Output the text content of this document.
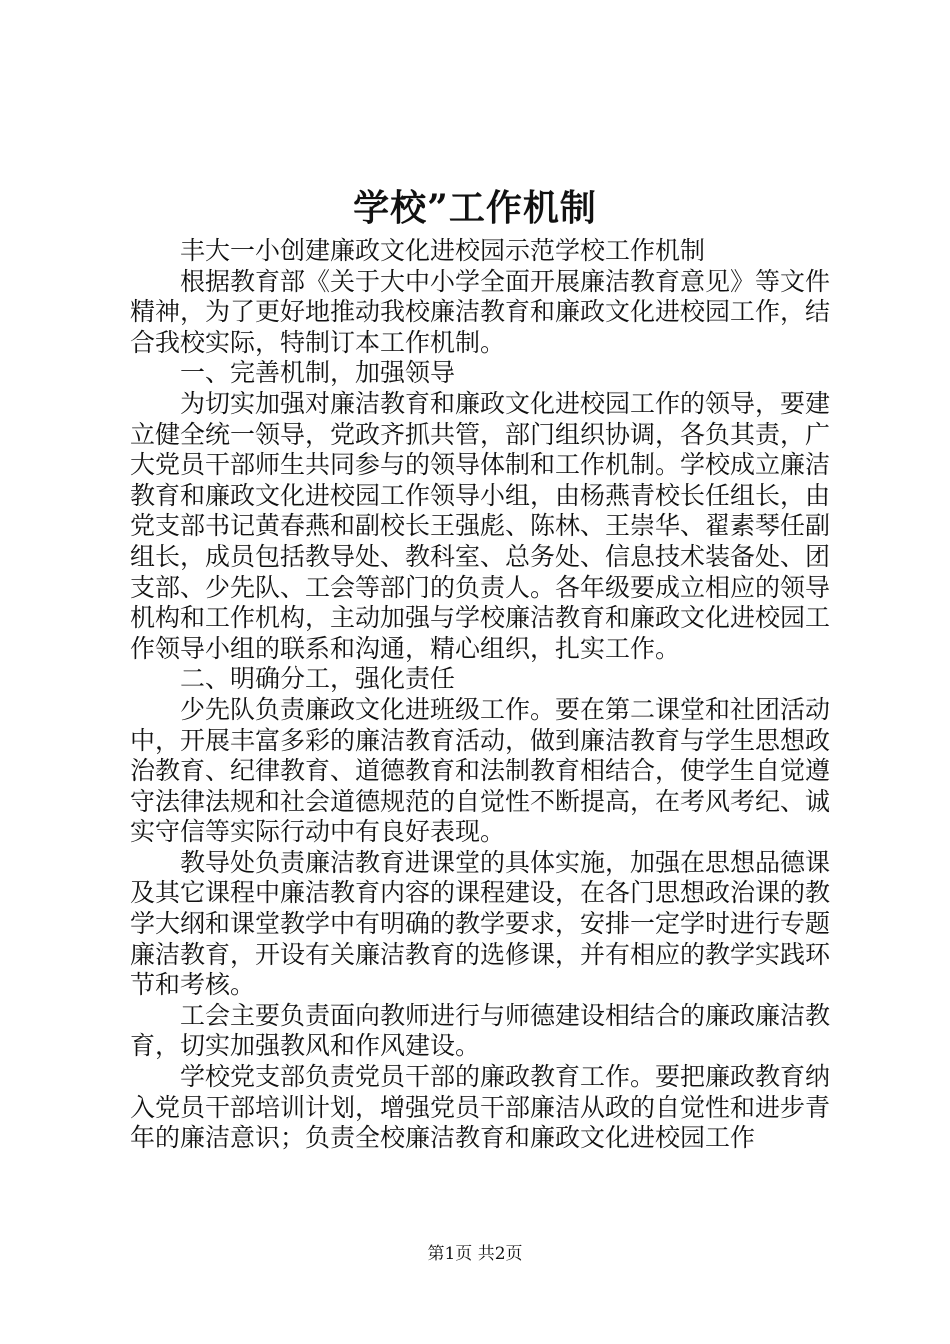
学校”工作机制

丰大一小创建廉政文化进校园示范学校工作机制

根据教育部《关于大中小学全面开展廉洁教育意见》等文件精神，为了更好地推动我校廉洁教育和廉政文化进校园工作，结合我校实际，特制订本工作机制。

一、完善机制，加强领导

为切实加强对廉洁教育和廉政文化进校园工作的领导，要建立健全统一领导，党政齐抓共管，部门组织协调，各负其责，广大党员干部师生共同参与的领导体制和工作机制。学校成立廉洁教育和廉政文化进校园工作领导小组，由杨燕青校长任组长，由党支部书记黄春燕和副校长王强彪、陈林、王崇华、翟素琴任副组长，成员包括教导处、教科室、总务处、信息技术装备处、团支部、少先队、工会等部门的负责人。各年级要成立相应的领导机构和工作机构，主动加强与学校廉洁教育和廉政文化进校园工作领导小组的联系和沟通，精心组织，扎实工作。

二、明确分工，强化责任

少先队负责廉政文化进班级工作。要在第二课堂和社团活动中，开展丰富多彩的廉洁教育活动，做到廉洁教育与学生思想政治教育、纪律教育、道德教育和法制教育相结合，使学生自觉遵守法律法规和社会道德规范的自觉性不断提高，在考风考纪、诚实守信等实际行动中有良好表现。

教导处负责廉洁教育进课堂的具体实施，加强在思想品德课及其它课程中廉洁教育内容的课程建设，在各门思想政治课的教学大纲和课堂教学中有明确的教学要求，安排一定学时进行专题廉洁教育，开设有关廉洁教育的选修课，并有相应的教学实践环节和考核。

工会主要负责面向教师进行与师德建设相结合的廉政廉洁教育，切实加强教风和作风建设。

学校党支部负责党员干部的廉政教育工作。要把廉政教育纳入党员干部培训计划，增强党员干部廉洁从政的自觉性和进步青年的廉洁意识；负责全校廉洁教育和廉政文化进校园工作

第1页 共2页
